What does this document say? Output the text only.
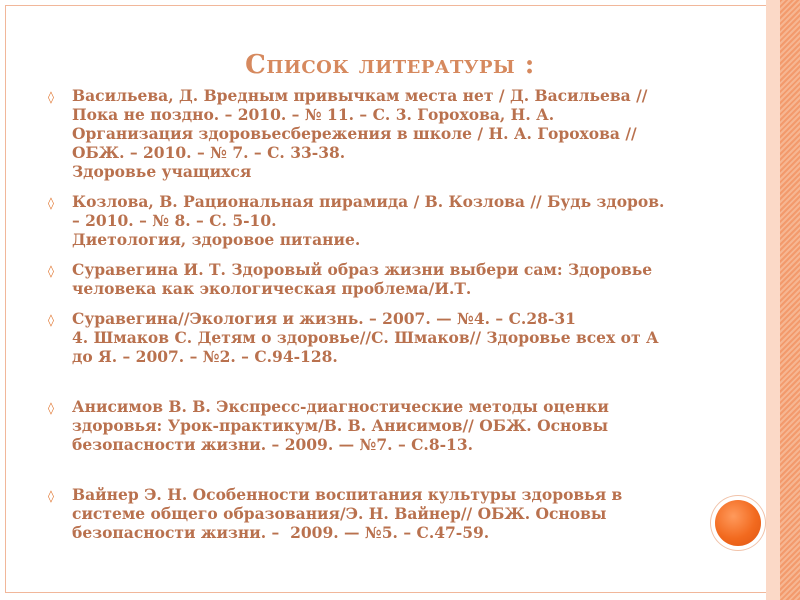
Список литературы :
◊ Васильева, Д. Вредным привычкам места нет / Д. Васильева //
Пока не поздно. – 2010. – № 11. – С. 3. Горохова, Н. А.
Организация здоровьесбережения в школе / Н. А. Горохова //
ОБЖ. – 2010. – № 7. – С. 33-38.
Здоровье учащихся
◊ Козлова, В. Рациональная пирамида / В. Козлова // Будь здоров.
– 2010. – № 8. – С. 5-10.
Диетология, здоровое питание.
◊ Суравегина И. Т. Здоровый образ жизни выбери сам: Здоровье
человека как экологическая проблема/И.Т.
◊ Суравегина//Экология и жизнь. – 2007. — №4. – С.28-31
4. Шмаков С. Детям о здоровье//С. Шмаков// Здоровье всех от А
до Я. – 2007. – №2. – С.94-128.
◊ Анисимов В. В. Экспресс-диагностические методы оценки
здоровья: Урок-практикум/В. В. Анисимов// ОБЖ. Основы
безопасности жизни. – 2009. — №7. – С.8-13.
◊ Вайнер Э. Н. Особенности воспитания культуры здоровья в
системе общего образования/Э. Н. Вайнер// ОБЖ. Основы
безопасности жизни. –  2009. — №5. – С.47-59.
